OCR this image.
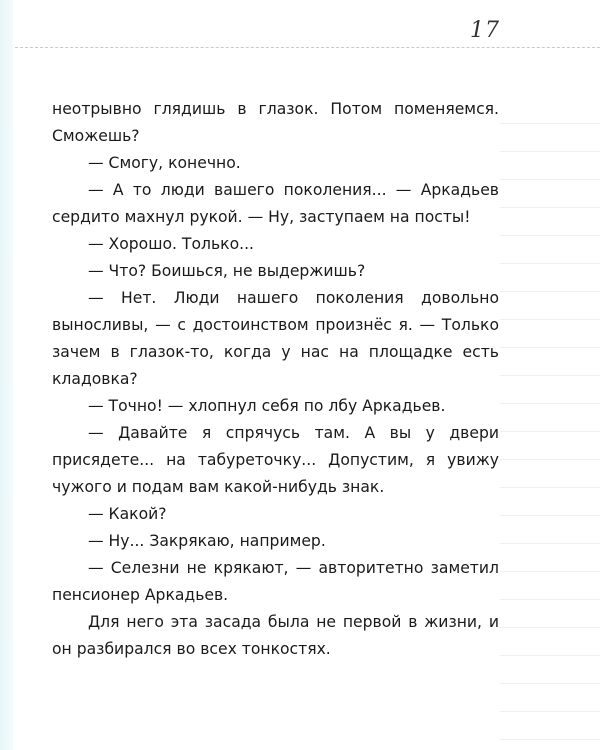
17

неотрывно глядишь в глазок. Потом поменяемся. Сможешь?

— Смогу, конечно.

— А то люди вашего поколения... — Аркадьев сердито махнул рукой. — Ну, заступаем на посты!

— Хорошо. Только...

— Что? Боишься, не выдержишь?

— Нет. Люди нашего поколения довольно выносливы, — с достоинством произнёс я. — Только зачем в глазок-то, когда у нас на площадке есть кладовка?

— Точно! — хлопнул себя по лбу Аркадьев.

— Давайте я спрячусь там. А вы у двери присядете... на табуреточку... Допустим, я увижу чужого и подам вам какой-нибудь знак.

— Какой?

— Ну... Закрякаю, например.

— Селезни не крякают, — авторитетно заметил пенсионер Аркадьев.

Для него эта засада была не первой в жизни, и он разбирался во всех тонкостях.
